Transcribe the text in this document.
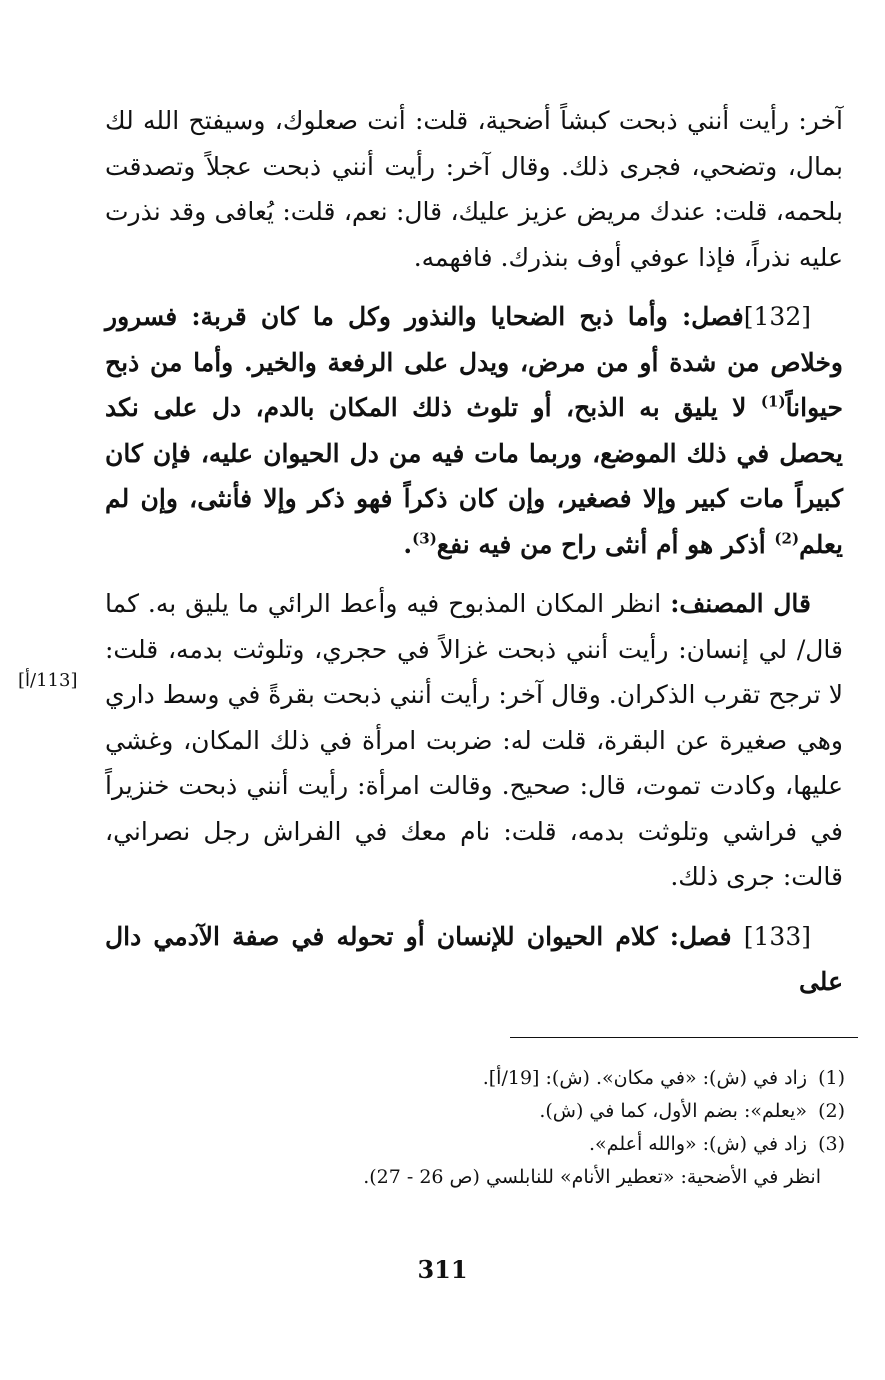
آخر: رأيت أنني ذبحت كبشاً أضحية، قلت: أنت صعلوك، وسيفتح الله لك بمال، وتضحي، فجرى ذلك. وقال آخر: رأيت أنني ذبحت عجلاً وتصدقت بلحمه، قلت: عندك مريض عزيز عليك، قال: نعم، قلت: يُعافى وقد نذرت عليه نذراً، فإذا عوفي أوف بنذرك. فافهمه.

[132]فصل: وأما ذبح الضحايا والنذور وكل ما كان قربة: فسرور وخلاص من شدة أو من مرض، ويدل على الرفعة والخير. وأما من ذبح حيواناً$^{(1)}$ لا يليق به الذبح، أو تلوث ذلك المكان بالدم، دل على نكد يحصل في ذلك الموضع، وربما مات فيه من دل الحيوان عليه، فإن كان كبيراً مات كبير وإلا فصغير، وإن كان ذكراً فهو ذكر وإلا فأنثى، وإن لم يعلم$^{(2)}$ أذكر هو أم أنثى راح من فيه نفع$^{(3)}$.

قال المصنف: انظر المكان المذبوح فيه وأعط الرائي ما يليق به. كما قال/ لي إنسان: رأيت أنني ذبحت غزالاً في حجري، وتلوثت بدمه، قلت: لا ترجح تقرب الذكران. وقال آخر: رأيت أنني ذبحت بقرةً في وسط داري وهي صغيرة عن البقرة، قلت له: ضربت امرأة في ذلك المكان، وغشي عليها، وكادت تموت، قال: صحيح. وقالت امرأة: رأيت أنني ذبحت خنزيراً في فراشي وتلوثت بدمه، قلت: نام معك في الفراش رجل نصراني، قالت: جرى ذلك.

[133] فصل: كلام الحيوان للإنسان أو تحوله في صفة الآدمي دال على

[113/أ]

(1)زاد في (ش): «في مكان». (ش): [19/أ].

(2)«يعلم»: بضم الأول، كما في (ش).

(3)زاد في (ش): «والله أعلم».

انظر في الأضحية: «تعطير الأنام» للنابلسي (ص 26 - 27).

311
